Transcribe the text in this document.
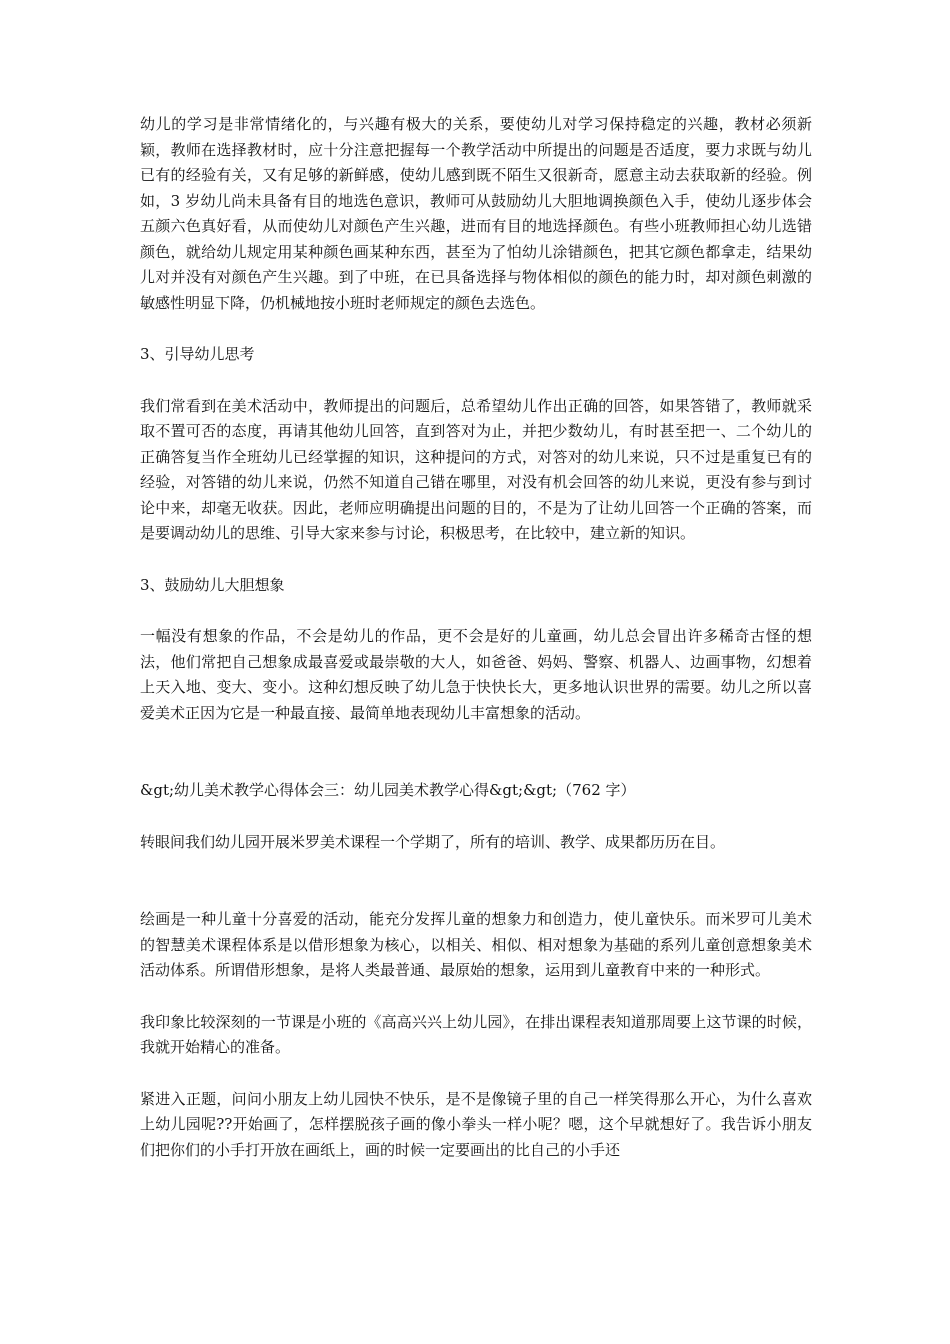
幼儿的学习是非常情绪化的，与兴趣有极大的关系，要使幼儿对学习保持稳定的兴趣，教材必须新颖，教师在选择教材时，应十分注意把握每一个教学活动中所提出的问题是否适度，要力求既与幼儿已有的经验有关，又有足够的新鲜感，使幼儿感到既不陌生又很新奇，愿意主动去获取新的经验。例如，3 岁幼儿尚未具备有目的地选色意识，教师可从鼓励幼儿大胆地调换颜色入手，使幼儿逐步体会五颜六色真好看，从而使幼儿对颜色产生兴趣，进而有目的地选择颜色。有些小班教师担心幼儿选错颜色，就给幼儿规定用某种颜色画某种东西，甚至为了怕幼儿涂错颜色，把其它颜色都拿走，结果幼儿对并没有对颜色产生兴趣。到了中班，在已具备选择与物体相似的颜色的能力时，却对颜色刺激的敏感性明显下降，仍机械地按小班时老师规定的颜色去选色。

3、引导幼儿思考

我们常看到在美术活动中，教师提出的问题后，总希望幼儿作出正确的回答，如果答错了，教师就采取不置可否的态度，再请其他幼儿回答，直到答对为止，并把少数幼儿，有时甚至把一、二个幼儿的正确答复当作全班幼儿已经掌握的知识，这种提问的方式，对答对的幼儿来说，只不过是重复已有的经验，对答错的幼儿来说，仍然不知道自己错在哪里，对没有机会回答的幼儿来说，更没有参与到讨论中来，却毫无收获。因此，老师应明确提出问题的目的，不是为了让幼儿回答一个正确的答案，而是要调动幼儿的思维、引导大家来参与讨论，积极思考，在比较中，建立新的知识。

3、鼓励幼儿大胆想象

一幅没有想象的作品，不会是幼儿的作品，更不会是好的儿童画，幼儿总会冒出许多稀奇古怪的想法，他们常把自己想象成最喜爱或最崇敬的大人，如爸爸、妈妈、警察、机器人、边画事物，幻想着上天入地、变大、变小。这种幻想反映了幼儿急于快快长大，更多地认识世界的需要。幼儿之所以喜爱美术正因为它是一种最直接、最简单地表现幼儿丰富想象的活动。

&gt;幼儿美术教学心得体会三：幼儿园美术教学心得&gt;&gt;（762 字）

转眼间我们幼儿园开展米罗美术课程一个学期了，所有的培训、教学、成果都历历在目。

绘画是一种儿童十分喜爱的活动，能充分发挥儿童的想象力和创造力，使儿童快乐。而米罗可儿美术的智慧美术课程体系是以借形想象为核心，以相关、相似、相对想象为基础的系列儿童创意想象美术活动体系。所谓借形想象，是将人类最普通、最原始的想象，运用到儿童教育中来的一种形式。

我印象比较深刻的一节课是小班的《高高兴兴上幼儿园》，在排出课程表知道那周要上这节课的时候，我就开始精心的准备。

紧进入正题，问问小朋友上幼儿园快不快乐，是不是像镜子里的自己一样笑得那么开心，为什么喜欢上幼儿园呢??开始画了，怎样摆脱孩子画的像小拳头一样小呢？嗯，这个早就想好了。我告诉小朋友们把你们的小手打开放在画纸上，画的时候一定要画出的比自己的小手还
